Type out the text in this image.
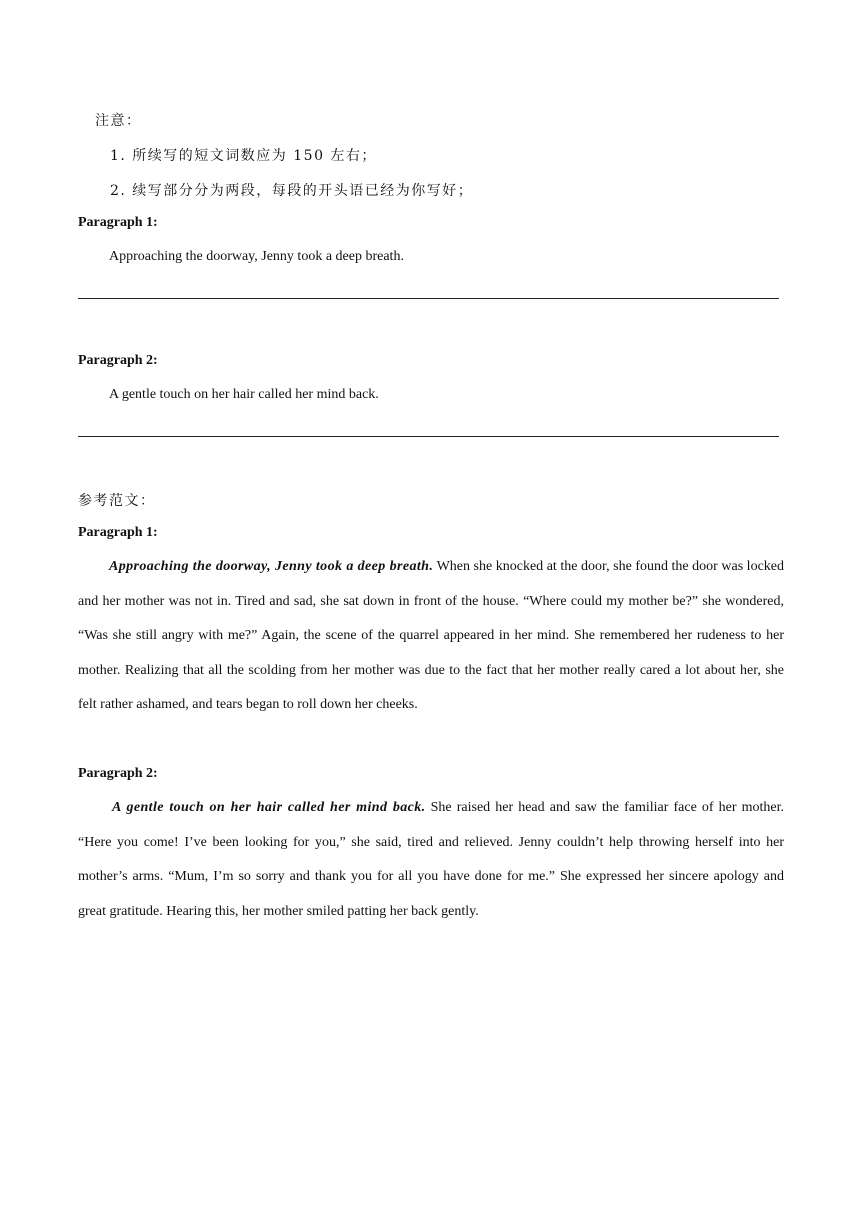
注意：
1. 所续写的短文词数应为 150 左右；
2. 续写部分分为两段，每段的开头语已经为你写好；
Paragraph 1:
Approaching the doorway, Jenny took a deep breath.
Paragraph 2:
A gentle touch on her hair called her mind back.
参考范文：
Paragraph 1:
Approaching the doorway, Jenny took a deep breath. When she knocked at the door, she found the door was locked and her mother was not in. Tired and sad, she sat down in front of the house. “Where could my mother be?” she wondered, “Was she still angry with me?” Again, the scene of the quarrel appeared in her mind. She remembered her rudeness to her mother. Realizing that all the scolding from her mother was due to the fact that her mother really cared a lot about her, she felt rather ashamed, and tears began to roll down her cheeks.
Paragraph 2:
A gentle touch on her hair called her mind back. She raised her head and saw the familiar face of her mother. “Here you come! I’ve been looking for you,” she said, tired and relieved. Jenny couldn’t help throwing herself into her mother’s arms. “Mum, I’m so sorry and thank you for all you have done for me.” She expressed her sincere apology and great gratitude. Hearing this, her mother smiled patting her back gently.
